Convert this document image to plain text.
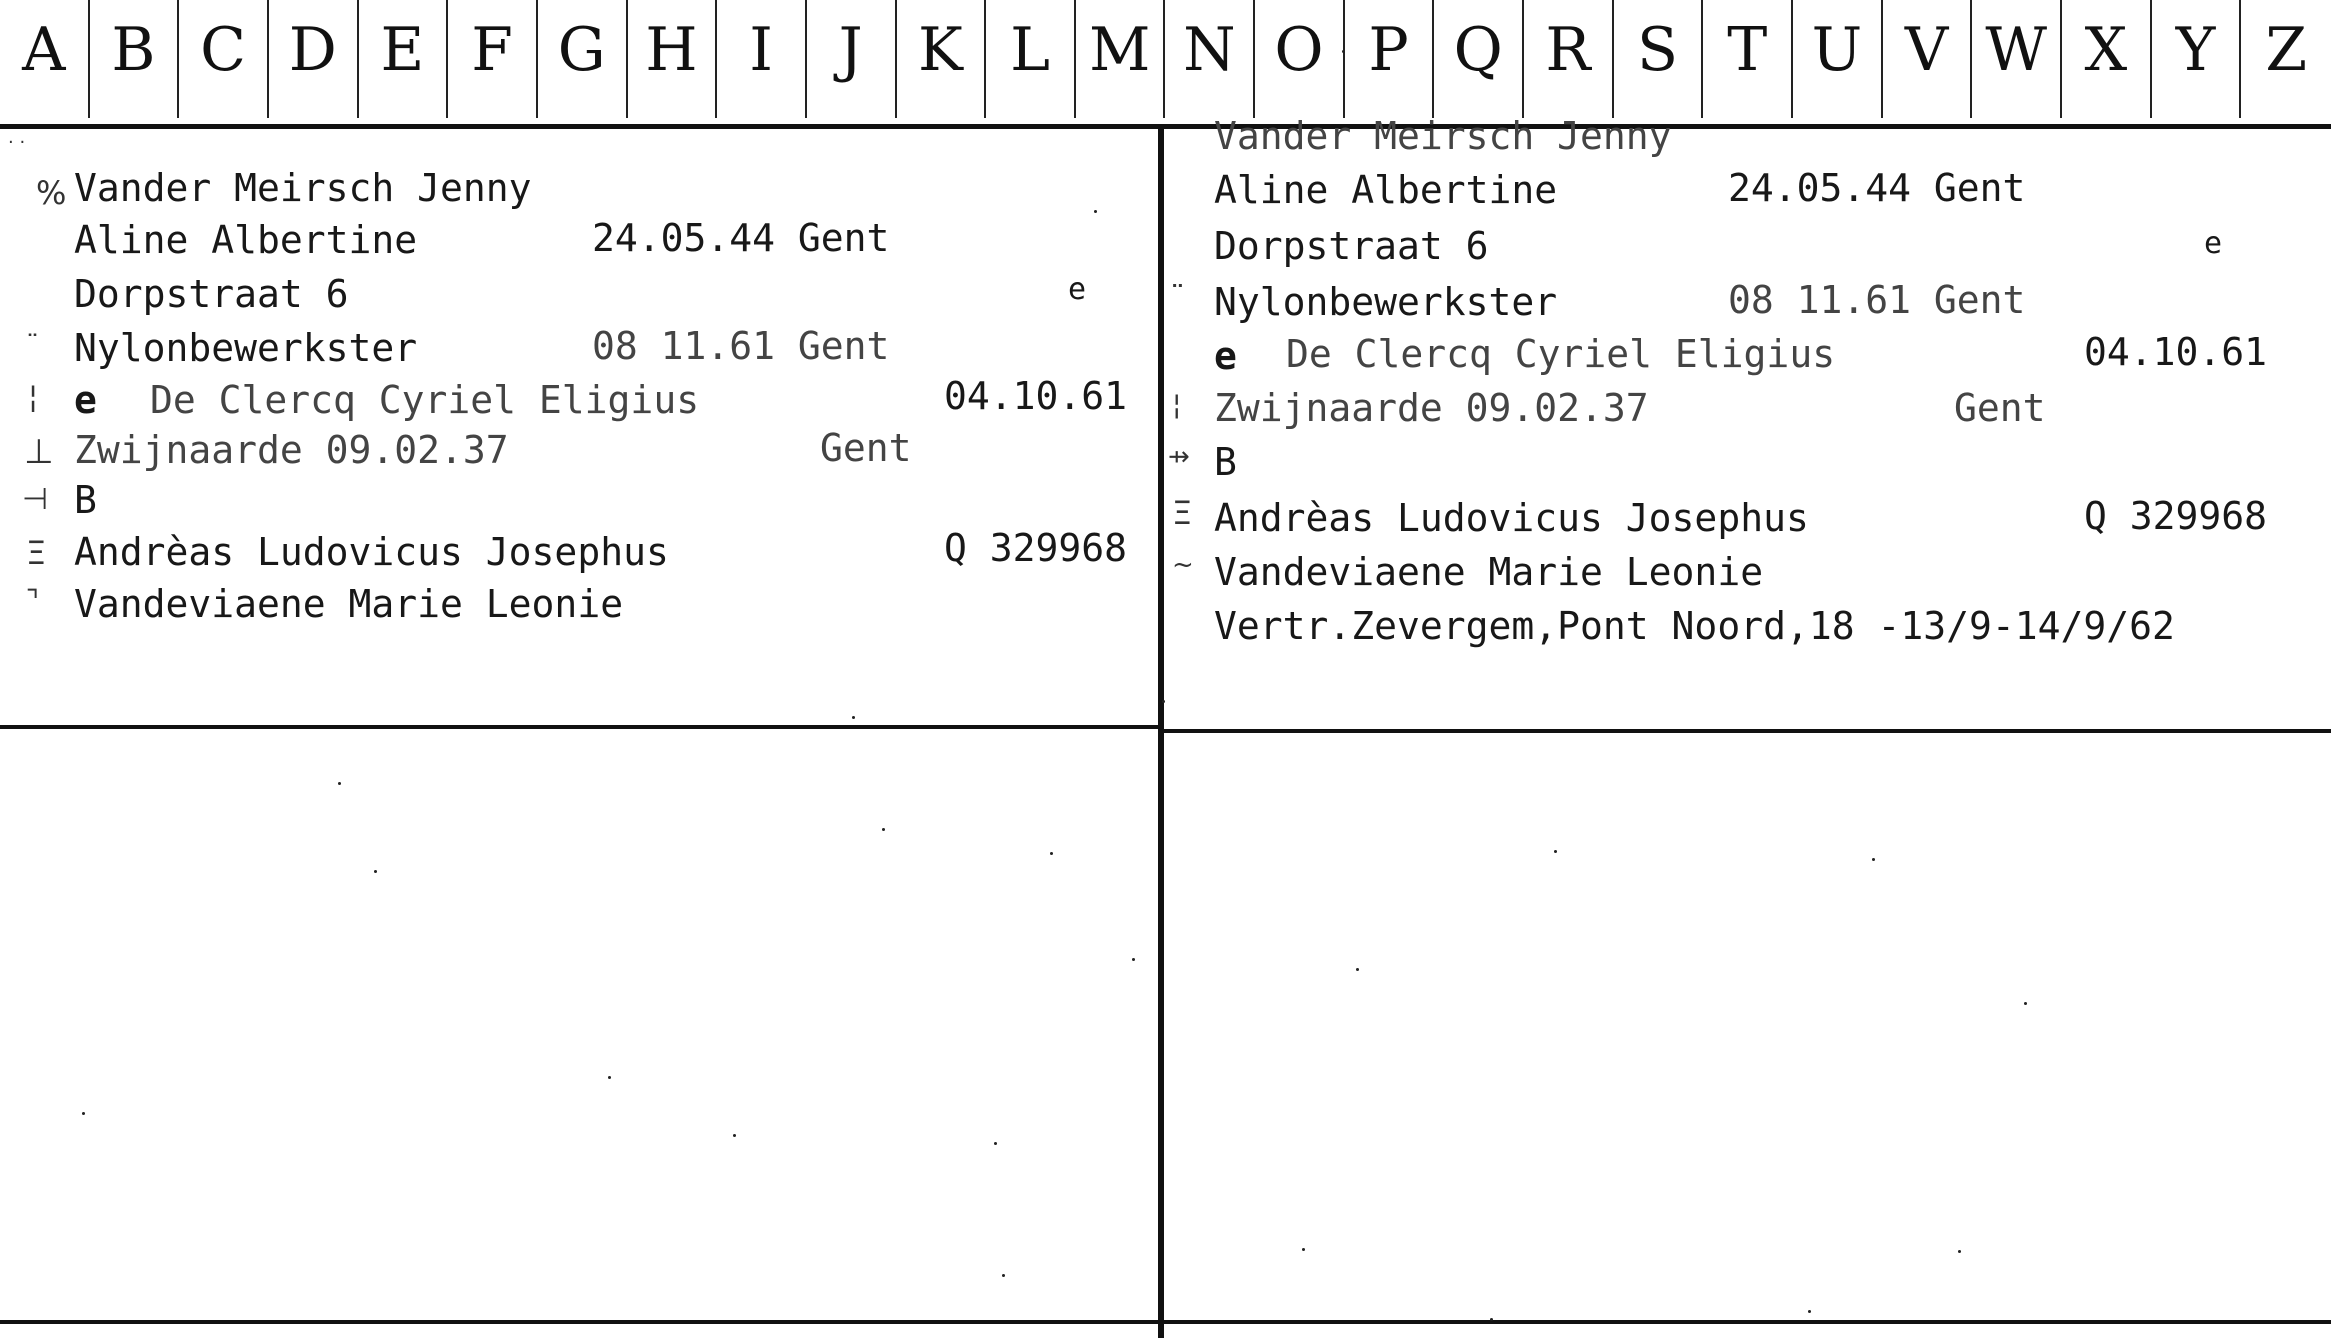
A B C D E F G H I	J K L M N O P Q R S T U V W X Y Z
· ·
% Vander Meirsch Jenny
Aline Albertine	24.05.44 Gent
Dorpstraat 6	e
Nylonbewerkster	08 11.61 Gent
e De Clercq Cyriel Eligius	04.10.61
Zwijnaarde 09.02.37	Gent
B
Andrèas Ludovicus Josephus	Q 329968
Vandeviaene Marie Leonie
¨
¦
⊥
⊣
Ξ
⌝
Vander Meirsch Jenny
Aline Albertine	24.05.44 Gent
Dorpstraat 6	e
Nylonbewerkster	08 11.61 Gent
e De Clercq Cyriel Eligius	04.10.61
Zwijnaarde 09.02.37	Gent
B
Andrèas Ludovicus Josephus	Q 329968
Vandeviaene Marie Leonie
Vertr.Zevergem,Pont Noord,18 -13/9-14/9/62
¨
¦
⇸
Ξ
~
